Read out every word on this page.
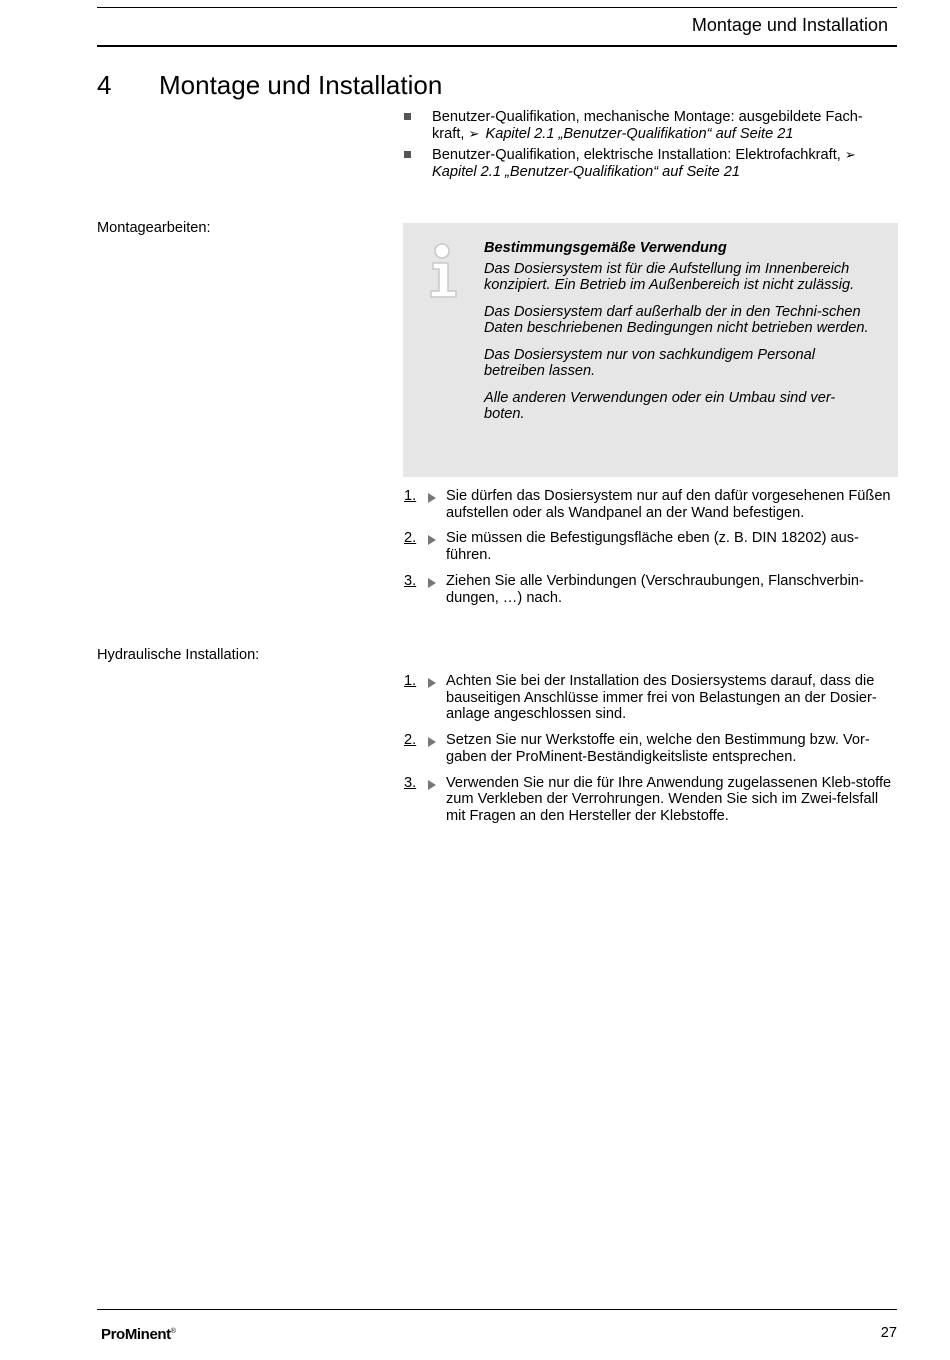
Montage und Installation
4 Montage und Installation
Benutzer-Qualifikation, mechanische Montage: ausgebildete Fach-kraft, ➢ Kapitel 2.1 „Benutzer-Qualifikation“ auf Seite 21
Benutzer-Qualifikation, elektrische Installation: Elektrofachkraft, ➢ Kapitel 2.1 „Benutzer-Qualifikation“ auf Seite 21
Montagearbeiten:

Bestimmungsgemäße Verwendung

Das Dosiersystem ist für die Aufstellung im Innenbereich konzipiert. Ein Betrieb im Außenbereich ist nicht zulässig.

Das Dosiersystem darf außerhalb der in den Techni-schen Daten beschriebenen Bedingungen nicht betrieben werden.

Das Dosiersystem nur von sachkundigem Personal betreiben lassen.

Alle anderen Verwendungen oder ein Umbau sind ver-boten.

1. Sie dürfen das Dosiersystem nur auf den dafür vorgesehenen Füßen aufstellen oder als Wandpanel an der Wand befestigen.
2. Sie müssen die Befestigungsfläche eben (z. B. DIN 18202) aus-führen.
3. Ziehen Sie alle Verbindungen (Verschraubungen, Flanschverbin-dungen, …) nach.
Hydraulische Installation:
1. Achten Sie bei der Installation des Dosiersystems darauf, dass die bauseitigen Anschlüsse immer frei von Belastungen an der Dosier-anlage angeschlossen sind.
2. Setzen Sie nur Werkstoffe ein, welche den Bestimmung bzw. Vor-gaben der ProMinent-Beständigkeitsliste entsprechen.
3. Verwenden Sie nur die für Ihre Anwendung zugelassenen Kleb-stoffe zum Verkleben der Verrohrungen. Wenden Sie sich im Zwei-felsfall mit Fragen an den Hersteller der Klebstoffe.
ProMinent®	27
